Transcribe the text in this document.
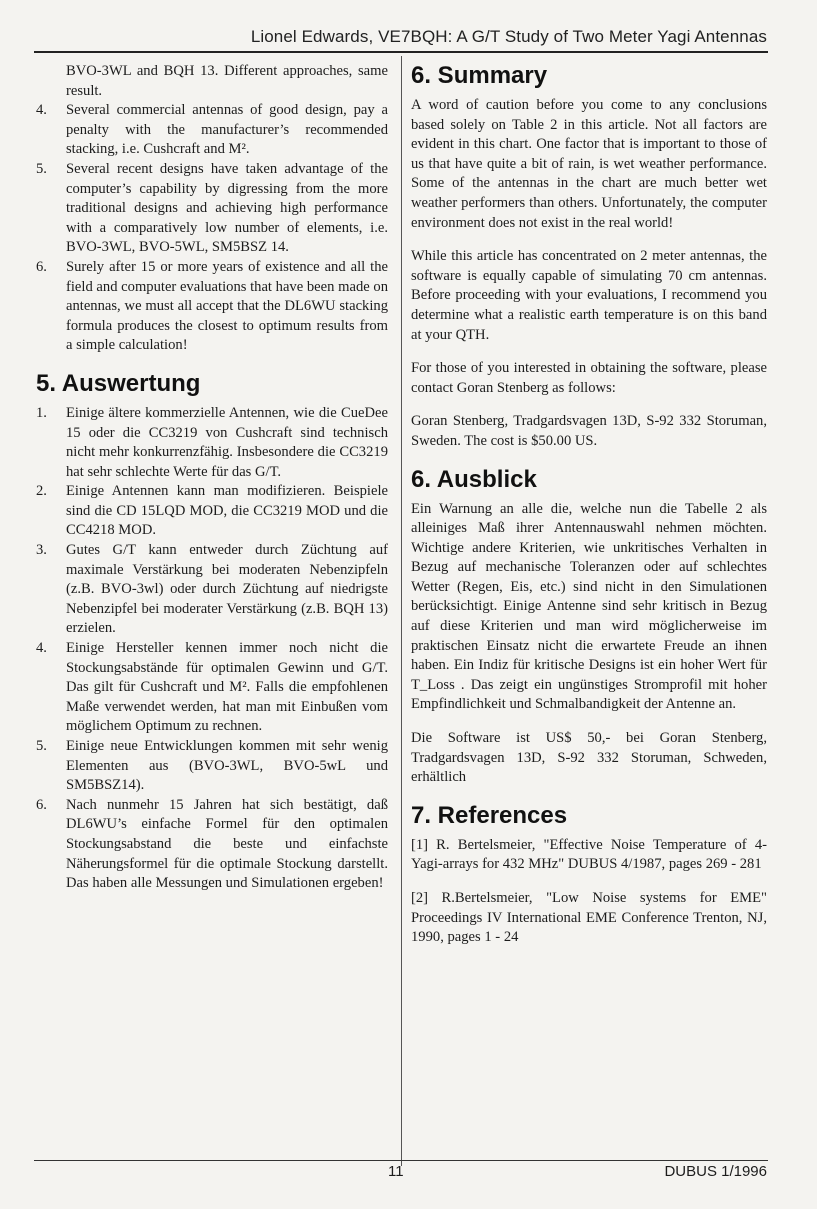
Lionel Edwards, VE7BQH: A G/T Study of Two Meter Yagi Antennas
BVO-3WL and BQH 13. Different approaches, same result.
4.	Several commercial antennas of good design, pay a penalty with the manufacturer’s recommended stacking, i.e. Cushcraft and M².
5.	Several recent designs have taken advantage of the computer’s capability by digressing from the more traditional designs and achieving high performance with a comparatively low number of elements, i.e. BVO-3WL, BVO-5WL, SM5BSZ 14.
6.	Surely after 15 or more years of existence and all the field and computer evaluations that have been made on antennas, we must all accept that the DL6WU stacking formula produces the closest to optimum results from a simple calculation!
5. Auswertung
1.	Einige ältere kommerzielle Antennen, wie die CueDee 15 oder die CC3219 von Cushcraft sind technisch nicht mehr konkurrenzfähig. Insbesondere die CC3219 hat sehr schlechte Werte für das G/T.
2.	Einige Antennen kann man modifizieren. Beispiele sind die CD 15LQD MOD, die CC3219 MOD und die CC4218 MOD.
3.	Gutes G/T kann entweder durch Züchtung auf maximale Verstärkung bei moderaten Nebenzipfeln (z.B. BVO-3wl) oder durch Züchtung auf niedrigste Nebenzipfel bei moderater Verstärkung (z.B. BQH 13) erzielen.
4.	Einige Hersteller kennen immer noch nicht die Stockungsabstände für optimalen Gewinn und G/T. Das gilt für Cushcraft und M². Falls die empfohlenen Maße verwendet werden, hat man mit Einbußen vom möglichem Optimum zu rechnen.
5.	Einige neue Entwicklungen kommen mit sehr wenig Elementen aus (BVO-3WL, BVO-5wL und SM5BSZ14).
6.	Nach nunmehr 15 Jahren hat sich bestätigt, daß DL6WU’s einfache Formel für den optimalen Stockungsabstand die beste und einfachste Näherungsformel für die optimale Stockung darstellt. Das haben alle Messungen und Simulationen ergeben!
6. Summary

A word of caution before you come to any conclusions based solely on Table 2 in this article. Not all factors are evident in this chart. One factor that is important to those of us that have quite a bit of rain, is wet weather performance. Some of the antennas in the chart are much better wet weather performers than others. Unfortunately, the computer environment does not exist in the real world!

While this article has concentrated on 2 meter antennas, the software is equally capable of simulating 70 cm antennas. Before proceeding with your evaluations, I recommend you determine what a realistic earth temperature is on this band at your QTH.

For those of you interested in obtaining the software, please contact Goran Stenberg as follows:

Goran Stenberg, Tradgardsvagen 13D, S-92 332 Storuman, Sweden. The cost is $50.00 US.

6. Ausblick

Ein Warnung an alle die, welche nun die Tabelle 2 als alleiniges Maß ihrer Antennauswahl nehmen möchten. Wichtige andere Kriterien, wie unkritisches Verhalten in Bezug auf mechanische Toleranzen oder auf schlechtes Wetter (Regen, Eis, etc.) sind nicht in den Simulationen berücksichtigt. Einige Antenne sind sehr kritisch in Bezug auf diese Kriterien und man wird möglicherweise im praktischen Einsatz nicht die erwartete Freude an ihnen haben. Ein Indiz für kritische Designs ist ein hoher Wert für T_Loss . Das zeigt ein ungünstiges Stromprofil mit hoher Empfindlichkeit und Schmalbandigkeit der Antenne an.

Die Software ist US$ 50,- bei Goran Stenberg, Tradgardsvagen 13D, S-92 332 Storuman, Schweden, erhältlich

7. References

[1] R. Bertelsmeier, "Effective Noise Temperature of 4-Yagi-arrays for 432 MHz" DUBUS 4/1987, pages 269 - 281

[2] R.Bertelsmeier, "Low Noise systems for EME" Proceedings IV International EME Conference Trenton, NJ, 1990, pages 1 - 24

11	DUBUS 1/1996
